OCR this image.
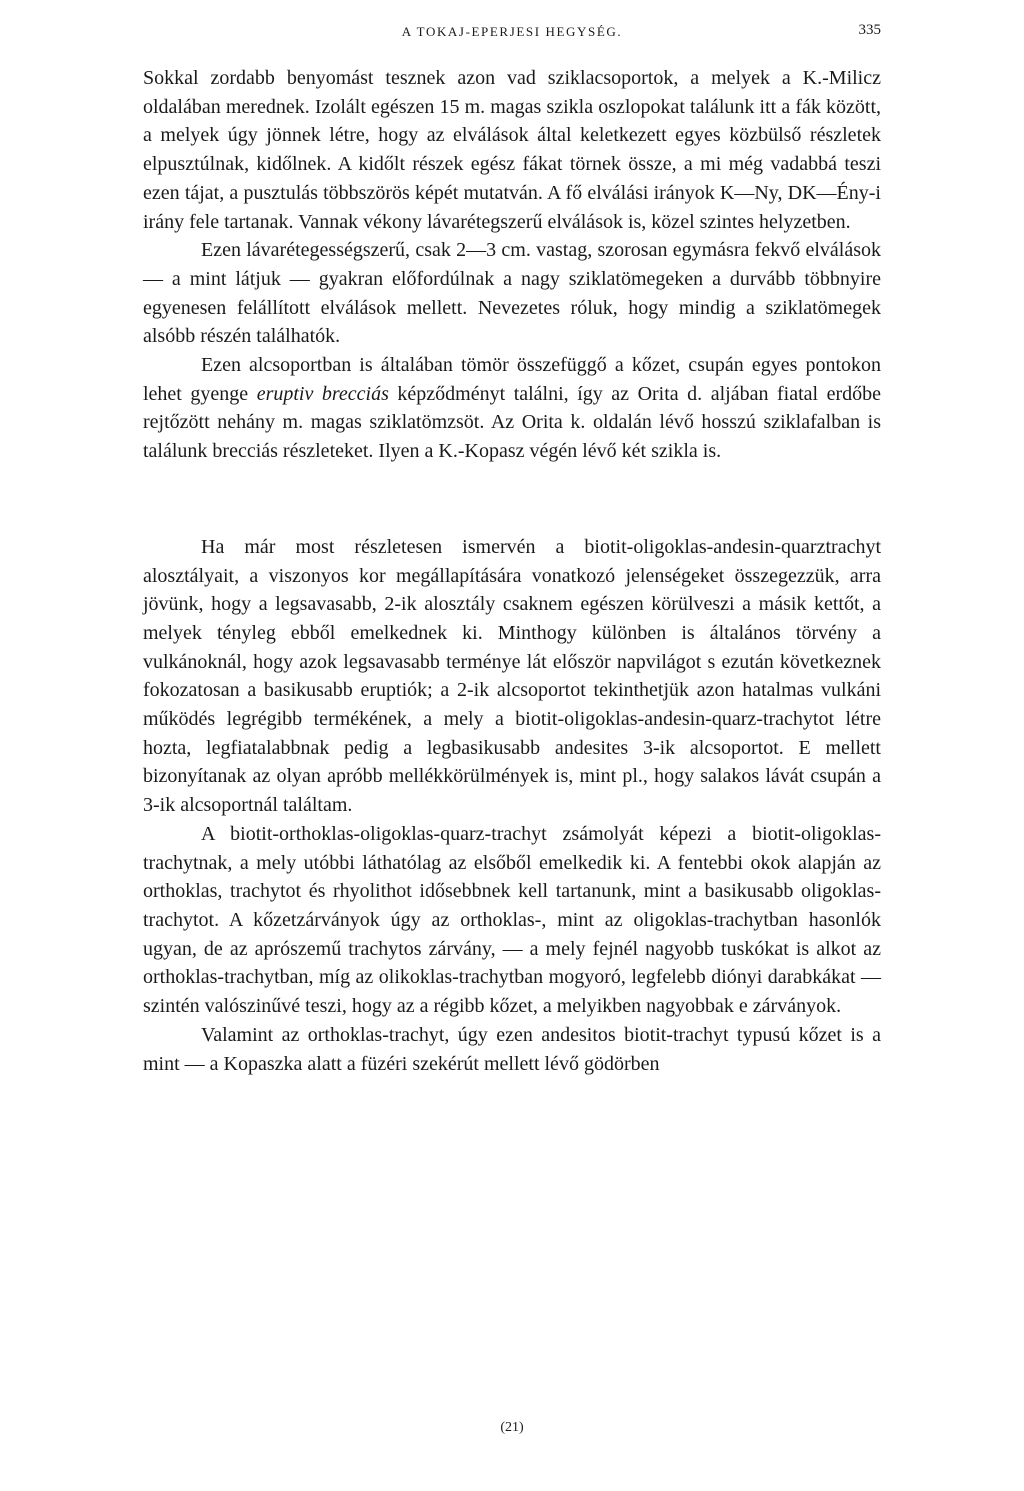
A TOKAJ-EPERJESI HEGYSÉG.	335

Sokkal zordabb benyomást tesznek azon vad sziklacsoportok, a melyek a K.-Milicz oldalában merednek. Izolált egészen 15 m. magas szikla oszlopokat találunk itt a fák között, a melyek úgy jönnek létre, hogy az elválások által keletkezett egyes közbülső részletek elpusztúlnak, kidőlnek. A kidőlt részek egész fákat törnek össze, a mi még vadabbá teszi ezen tájat, a pusztulás többszörös képét mutatván. A fő elválási irányok K—Ny, DK—Ény-i irány fele tartanak. Vannak vékony lávarétegszerű elválások is, közel szintes helyzetben.

Ezen lávarétegességszerű, csak 2—3 cm. vastag, szorosan egymásra fekvő elválások — a mint látjuk — gyakran előfordúlnak a nagy sziklatömegeken a durvább többnyire egyenesen felállított elválások mellett. Nevezetes róluk, hogy mindig a sziklatömegek alsóbb részén találhatók.

Ezen alcsoportban is általában tömör összefüggő a kőzet, csupán egyes pontokon lehet gyenge eruptiv brecciás képződményt találni, így az Orita d. aljában fiatal erdőbe rejtőzött nehány m. magas sziklatömzsöt. Az Orita k. oldalán lévő hosszú sziklafalban is találunk brecciás részleteket. Ilyen a K.-Kopasz végén lévő két szikla is.

Ha már most részletesen ismervén a biotit-oligoklas-andesin-quarztrachyt alosztályait, a viszonyos kor megállapítására vonatkozó jelenségeket összegezzük, arra jövünk, hogy a legsavasabb, 2-ik alosztály csaknem egészen körülveszi a másik kettőt, a melyek tényleg ebből emelkednek ki. Minthogy különben is általános törvény a vulkánoknál, hogy azok legsavasabb terménye lát először napvilágot s ezután következnek fokozatosan a basikusabb eruptiók; a 2-ik alcsoportot tekinthetjük azon hatalmas vulkáni működés legrégibb termékének, a mely a biotit-oligoklas-andesin-quarz-trachytot létre hozta, legfiatalabbnak pedig a legbasikusabb andesites 3-ik alcsoportot. E mellett bizonyítanak az olyan apróbb mellékkörülmények is, mint pl., hogy salakos lávát csupán a 3-ik alcsoportnál találtam.

A biotit-orthoklas-oligoklas-quarz-trachyt zsámolyát képezi a biotit-oligoklas-trachytnak, a mely utóbbi láthatólag az elsőből emelkedik ki. A fentebbi okok alapján az orthoklas, trachytot és rhyolithot idősebbnek kell tartanunk, mint a basikusabb oligoklas-trachytot. A kőzetzárványok úgy az orthoklas-, mint az oligoklas-trachytban hasonlók ugyan, de az aprószemű trachytos zárvány, — a mely fejnél nagyobb tuskókat is alkot az orthoklas-trachytban, míg az olikoklas-trachytban mogyoró, legfelebb diónyi darabkákat — szintén valószinűvé teszi, hogy az a régibb kőzet, a melyikben nagyobbak e zárványok.

Valamint az orthoklas-trachyt, úgy ezen andesitos biotit-trachyt typusú kőzet is a mint — a Kopaszka alatt a füzéri szekérút mellett lévő gödörben

(21)
